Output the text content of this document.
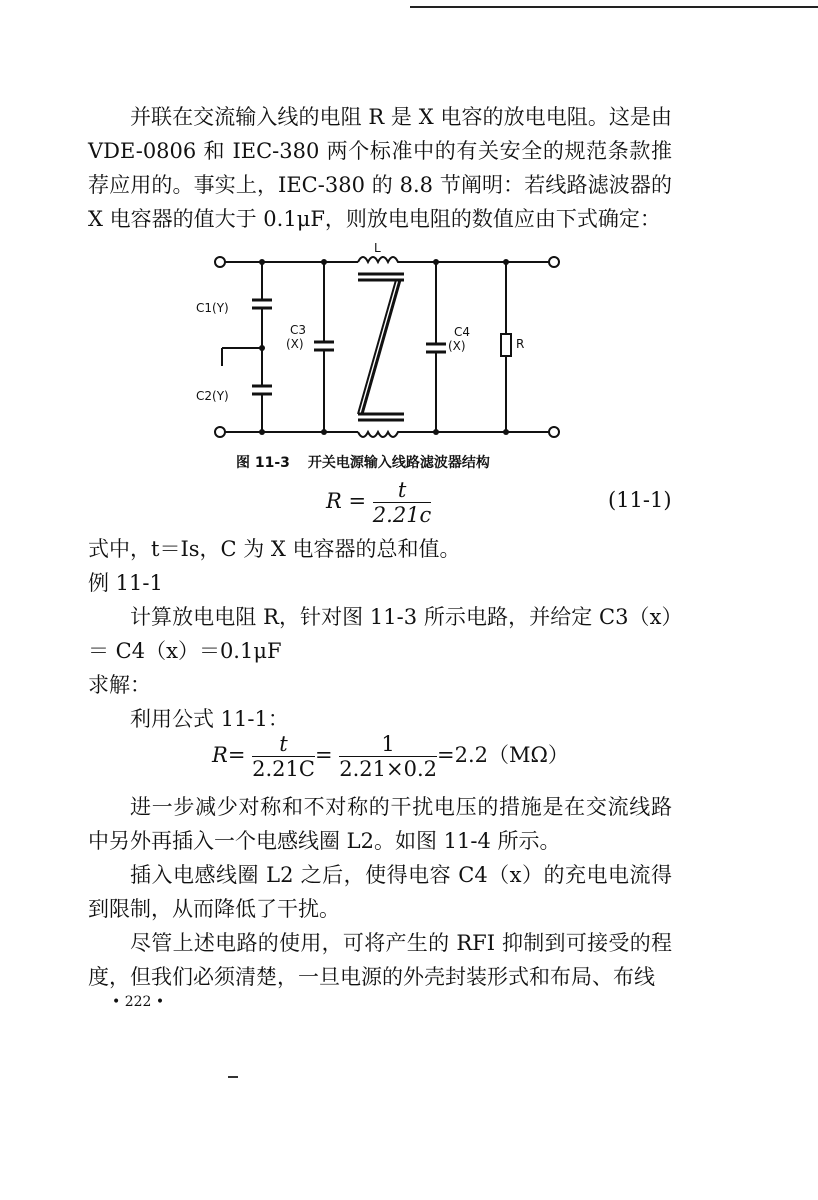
并联在交流输入线的电阻 R 是 X 电容的放电电阻。这是由 VDE-0806 和 IEC-380 两个标准中的有关安全的规范条款推荐应用的。事实上，IEC-380 的 8.8 节阐明：若线路滤波器的 X 电容器的值大于 0.1μF，则放电电阻的数值应由下式确定：
L
C1(Y)
C2(Y)
C3
(X)
C4
(X)	R
图 11-3 开关电源输入线路滤波器结构
$R = \frac{t}{2.21c}$	(11-1)
式中，t＝Is，C 为 X 电容器的总和值。
例 11-1
计算放电电阻 R，针对图 11-3 所示电路，并给定 C3（x）＝ C4（x）＝0.1μF
求解：
利用公式 11-1：
$R= \frac{t}{2.21C} = \frac{1}{2.21\times 0.2} =2.2(M\Omega)$
进一步减少对称和不对称的干扰电压的措施是在交流线路中另外再插入一个电感线圈 L2。如图 11-4 所示。
插入电感线圈 L2 之后，使得电容 C4（x）的充电电流得到限制，从而降低了干扰。
尽管上述电路的使用，可将产生的 RFI 抑制到可接受的程度，但我们必须清楚，一旦电源的外壳封装形式和布局、布线
• 222 •
